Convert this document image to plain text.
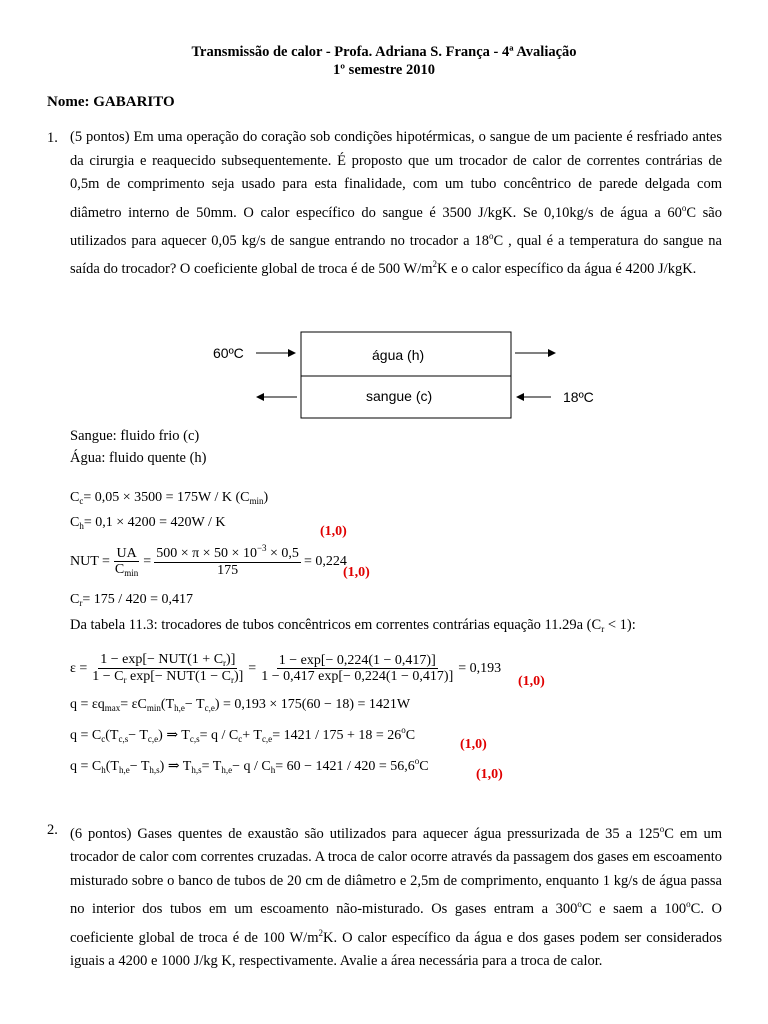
Transmissão de calor - Profa. Adriana S. França - 4ª Avaliação
1º semestre 2010
Nome: GABARITO
1. (5 pontos) Em uma operação do coração sob condições hipotérmicas, o sangue de um paciente é resfriado antes da cirurgia e reaquecido subsequentemente. É proposto que um trocador de calor de correntes contrárias de 0,5m de comprimento seja usado para esta finalidade, com um tubo concêntrico de parede delgada com diâmetro interno de 50mm. O calor específico do sangue é 3500 J/kgK. Se 0,10kg/s de água a 60$^o$C são utilizados para aquecer 0,05 kg/s de sangue entrando no trocador a 18$^o$C , qual é a temperatura do sangue na saída do trocador? O coeficiente global de troca é de 500 $W/m^2K$ e o calor específico da água é 4200 J/kgK.
60ºC	água (h)
sangue (c)	18ºC
Sangue: fluido frio (c)
Água: fluido quente (h)
C c = 0,05 × 3500 = 175W / K (C min )
C h = 0,1 × 4200 = 420W / K
(1,0)
NUT = $\frac{UA}{C_{min}} = \frac{500 \times \pi \times 50 \times 10^{-3} \times 0,5}{175} = 0,224$
(1,0)
C r = 175 / 420 = 0,417
Da tabela 11.3: trocadores de tubos concêntricos em correntes contrárias equação 11.29a $(C_r < 1)$:
$\varepsilon = \frac{1 - \exp[- NUT(1 + C_r)]}{1 - C_r \exp[- NUT(1 - C_r)]} = \frac{1 - \exp[- 0,224(1 - 0,417)]}{1 - 0,417 \exp[- 0,224(1 - 0,417)]} = 0,193$
(1,0)
q = εq max = εC min (T h,e − T c,e ) = 0,193 × 175(60 − 18) = 1421W
q = C c (T c,s − T c,e ) ⇒ T c,s = q / C c + T c,e = 1421 / 175 + 18 = 26 o C
(1,0)
q = C h (T h,e − T h,s ) ⇒ T h,s = T h,e − q / C h = 60 − 1421 / 420 = 56,6 o C
(1,0)
2. (6 pontos) Gases quentes de exaustão são utilizados para aquecer água pressurizada de 35 a 125$^o$C em um trocador de calor com correntes cruzadas. A troca de calor ocorre através da passagem dos gases em escoamento misturado sobre o banco de tubos de 20 cm de diâmetro e 2,5m de comprimento, enquanto 1 kg/s de água passa no interior dos tubos em um escoamento não-misturado. Os gases entram a 300$^o$C e saem a 100$^o$C. O coeficiente global de troca é de 100 $W/m^2K$. O calor específico da água e dos gases podem ser considerados iguais a 4200 e 1000 J/kg K, respectivamente. Avalie a área necessária para a troca de calor.
